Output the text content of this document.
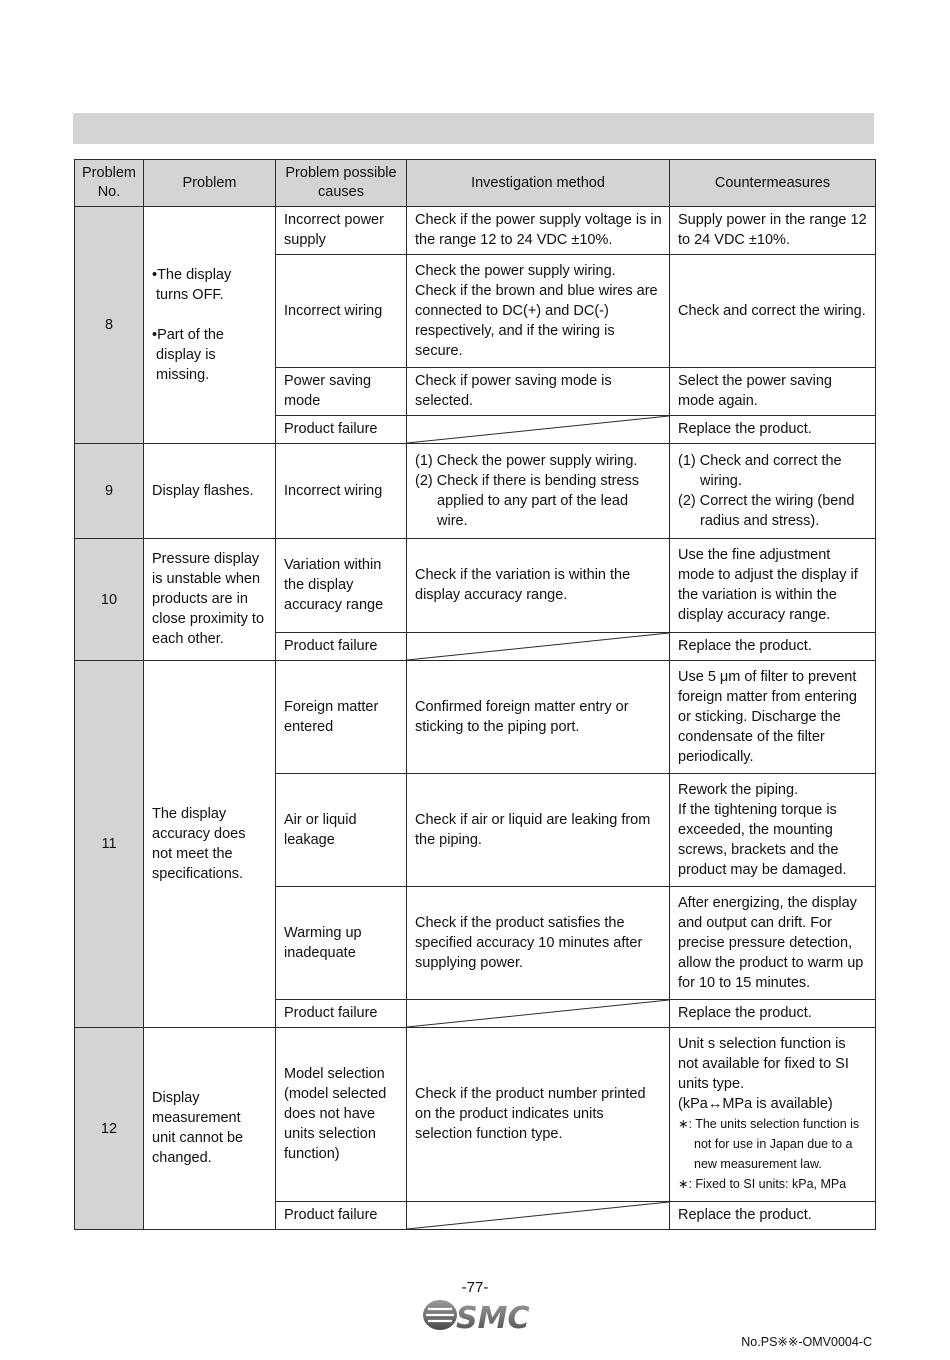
Problem No.	Problem	Problem possible causes	Investigation method	Countermeasures
8	•The display
turns OFF.
•Part of the
display is
missing.	Incorrect power supply	Check if the power supply voltage is in the range 12 to 24 VDC ±10%.	Supply power in the range 12 to 24 VDC ±10%.
		Incorrect wiring	Check the power supply wiring.
Check if the brown and blue wires are connected to DC(+) and DC(-) respectively, and if the wiring is secure.	Check and correct the wiring.
		Power saving mode	Check if power saving mode is selected.	Select the power saving mode again.
		Product failure		Replace the product.
9	Display flashes.	Incorrect wiring	(1) Check the power supply wiring.
(2) Check if there is bending stress applied to any part of the lead wire.	(1) Check and correct the wiring.
(2) Correct the wiring (bend radius and stress).

10	Pressure display is unstable when products are in close proximity to each other.	Variation within the display accuracy range	Check if the variation is within the display accuracy range.	Use the fine adjustment mode to adjust the display if the variation is within the display accuracy range.
		Product failure		Replace the product.
11	The display accuracy does not meet the specifications.	Foreign matter entered	Confirmed foreign matter entry or sticking to the piping port.	Use 5 μm of filter to prevent foreign matter from entering or sticking. Discharge the condensate of the filter periodically.
		Air or liquid leakage	Check if air or liquid are leaking from the piping.	Rework the piping.
If the tightening torque is exceeded, the mounting screws, brackets and the product may be damaged.

		Warming up inadequate	Check if the product satisfies the specified accuracy 10 minutes after supplying power.	After energizing, the display and output can drift. For precise pressure detection, allow the product to warm up for 10 to 15 minutes.
		Product failure		Replace the product.
12	Display measurement unit cannot be changed.	Model selection (model selected does not have units selection function)	Check if the product number printed on the product indicates units selection function type.	Unit s selection function is not available for fixed to SI units type.
(kPa↔MPa is available)
∗: The units selection function is not for use in Japan due to a new measurement law.
∗: Fixed to SI units: kPa, MPa

		Product failure		Replace the product.
-77-
SMC
No.PS※※-OMV0004-C
